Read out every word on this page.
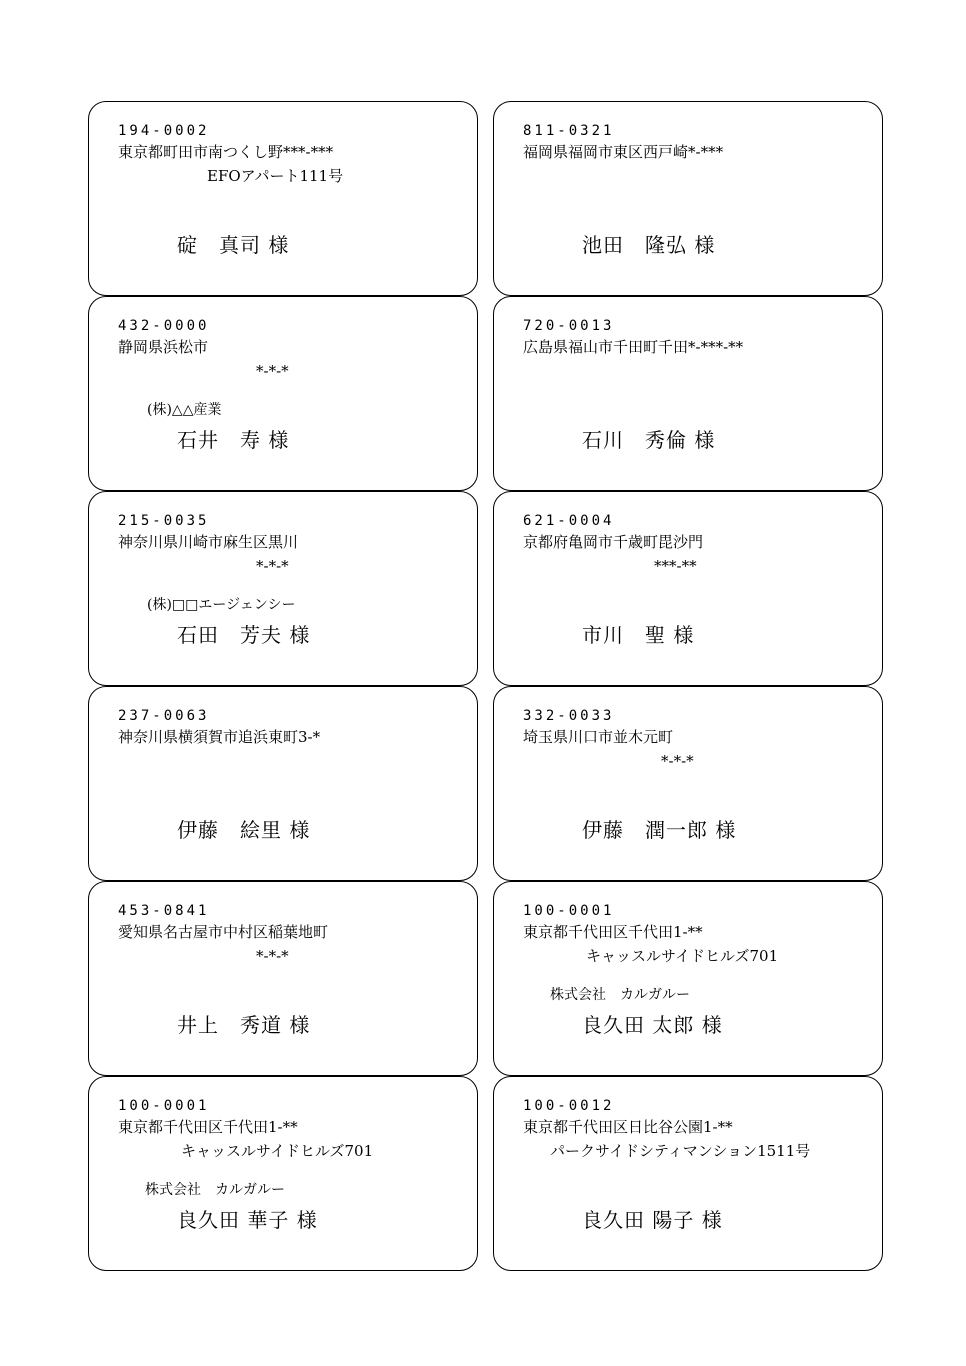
194-0002
東京都町田市南つくし野***-***
EFOアパート111号
碇　真司 様
811-0321
福岡県福岡市東区西戸崎*-***
池田　隆弘 様
432-0000
静岡県浜松市
*-*-*
(株)△△産業
石井　寿 様
720-0013
広島県福山市千田町千田*-***-**
石川　秀倫 様
215-0035
神奈川県川崎市麻生区黒川
*-*-*
(株)□□エージェンシー
石田　芳夫 様
621-0004
京都府亀岡市千歳町毘沙門
***-**
市川　聖 様
237-0063
神奈川県横須賀市追浜東町3-*
伊藤　絵里 様
332-0033
埼玉県川口市並木元町
*-*-*
伊藤　潤一郎 様
453-0841
愛知県名古屋市中村区稲葉地町
*-*-*
井上　秀道 様
100-0001
東京都千代田区千代田1-**
キャッスルサイドヒルズ701
株式会社　カルガルー
良久田 太郎 様
100-0001
東京都千代田区千代田1-**
キャッスルサイドヒルズ701
株式会社　カルガルー
良久田 華子 様
100-0012
東京都千代田区日比谷公園1-**
パークサイドシティマンション1511号
良久田 陽子 様
